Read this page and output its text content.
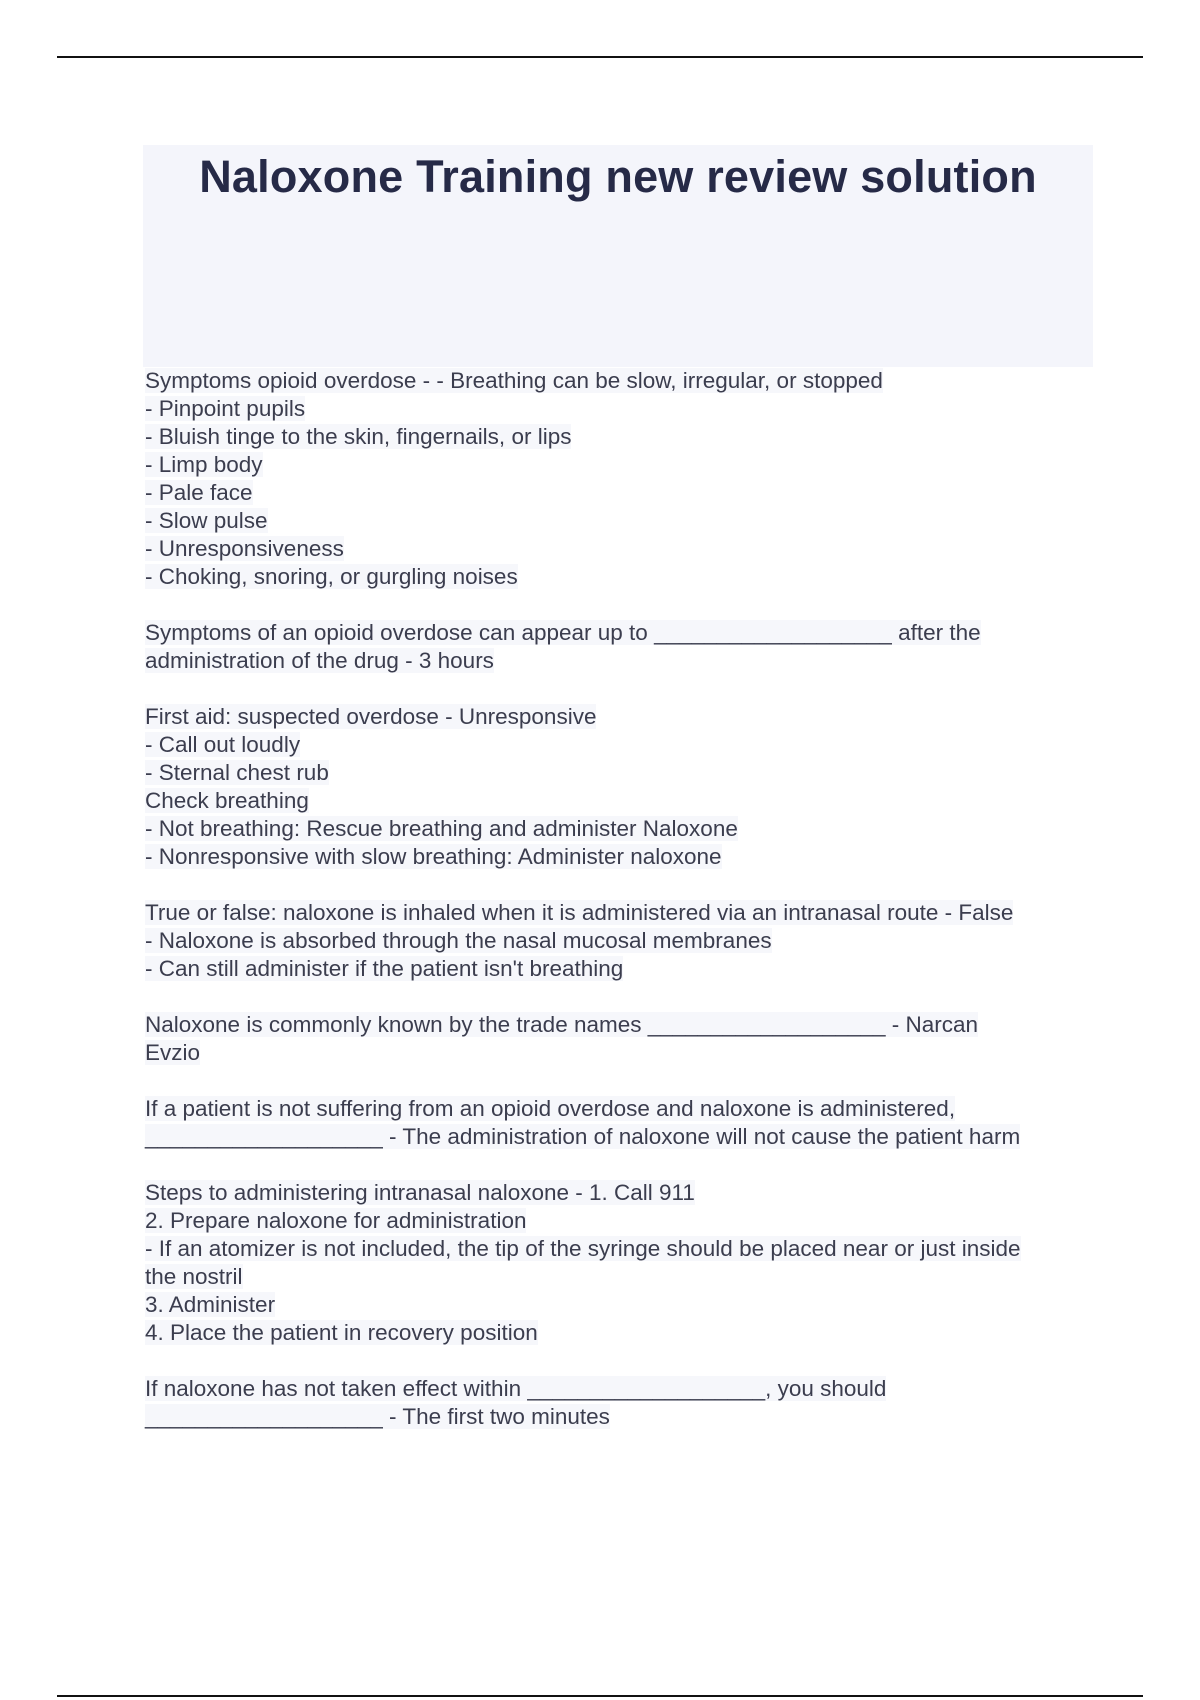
Naloxone Training new review solution
Symptoms opioid overdose - - Breathing can be slow, irregular, or stopped
- Pinpoint pupils
- Bluish tinge to the skin, fingernails, or lips
- Limp body
- Pale face
- Slow pulse
- Unresponsiveness
- Choking, snoring, or gurgling noises
Symptoms of an opioid overdose can appear up to ___________________ after the
administration of the drug - 3 hours
First aid: suspected overdose - Unresponsive
- Call out loudly
- Sternal chest rub
Check breathing
- Not breathing: Rescue breathing and administer Naloxone
- Nonresponsive with slow breathing: Administer naloxone
True or false: naloxone is inhaled when it is administered via an intranasal route - False
- Naloxone is absorbed through the nasal mucosal membranes
- Can still administer if the patient isn't breathing
Naloxone is commonly known by the trade names ___________________ - Narcan
Evzio
If a patient is not suffering from an opioid overdose and naloxone is administered,
___________________ - The administration of naloxone will not cause the patient harm
Steps to administering intranasal naloxone - 1. Call 911
2. Prepare naloxone for administration
- If an atomizer is not included, the tip of the syringe should be placed near or just inside
the nostril
3. Administer
4. Place the patient in recovery position
If naloxone has not taken effect within ___________________, you should
___________________ - The first two minutes
